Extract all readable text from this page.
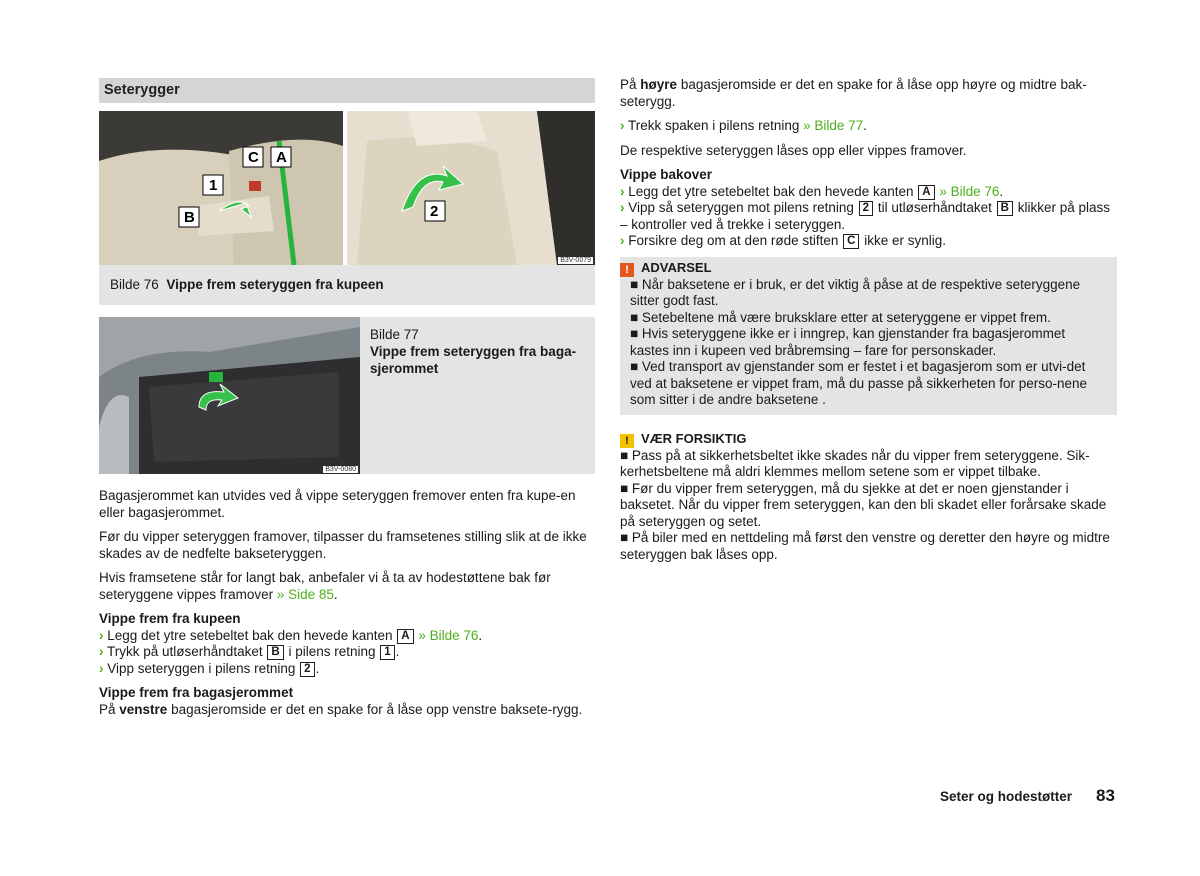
Seterygger
C A
1
B	2
B3V-0079
Bilde 76 Vippe frem seteryggen fra kupeen
B3V-0080
Bilde 77
Vippe frem seteryggen fra baga-sjerommet

Bagasjerommet kan utvides ved å vippe seteryggen fremover enten fra kupe-en eller bagasjerommet.

Før du vipper seteryggen framover, tilpasser du framsetenes stilling slik at de ikke skades av de nedfelte bakseteryggen.

Hvis framsetene står for langt bak, anbefaler vi å ta av hodestøttene bak før seteryggene vippes framover » Side 85.

Vippe frem fra kupeen

› Legg det ytre setebeltet bak den hevede kanten A » Bilde 76.
› Trykk på utløserhåndtaket B i pilens retning 1 .
› Vipp seteryggen i pilens retning 2 .

Vippe frem fra bagasjerommet

På venstre bagasjeromside er det en spake for å låse opp venstre baksete-rygg.

På høyre bagasjeromside er det en spake for å låse opp høyre og midtre bak-seterygg.

› Trekk spaken i pilens retning » Bilde 77.

De respektive seteryggen låses opp eller vippes framover.

Vippe bakover

› Legg det ytre setebeltet bak den hevede kanten A » Bilde 76.
› Vipp så seteryggen mot pilens retning 2 til utløserhåndtaket B klikker på plass – kontroller ved å trekke i seteryggen.
› Forsikre deg om at den røde stiften C ikke er synlig.
! ADVARSEL
■ Når baksetene er i bruk, er det viktig å påse at de respektive seteryggene sitter godt fast.
■ Setebeltene må være bruksklare etter at seteryggene er vippet frem.
■ Hvis seteryggene ikke er i inngrep, kan gjenstander fra bagasjerommet kastes inn i kupeen ved bråbremsing – fare for personskader.
■ Ved transport av gjenstander som er festet i et bagasjerom som er utvi-det ved at baksetene er vippet fram, må du passe på sikkerheten for perso-nene som sitter i de andre baksetene .
! VÆR FORSIKTIG
■ Pass på at sikkerhetsbeltet ikke skades når du vipper frem seteryggene. Sik-kerhetsbeltene må aldri klemmes mellom setene som er vippet tilbake.
■ Før du vipper frem seteryggen, må du sjekke at det er noen gjenstander i baksetet. Når du vipper frem seteryggen, kan den bli skadet eller forårsake skade på seteryggen og setet.
■ På biler med en nettdeling må først den venstre og deretter den høyre og midtre seteryggen bak låses opp.
Seter og hodestøtter 83
